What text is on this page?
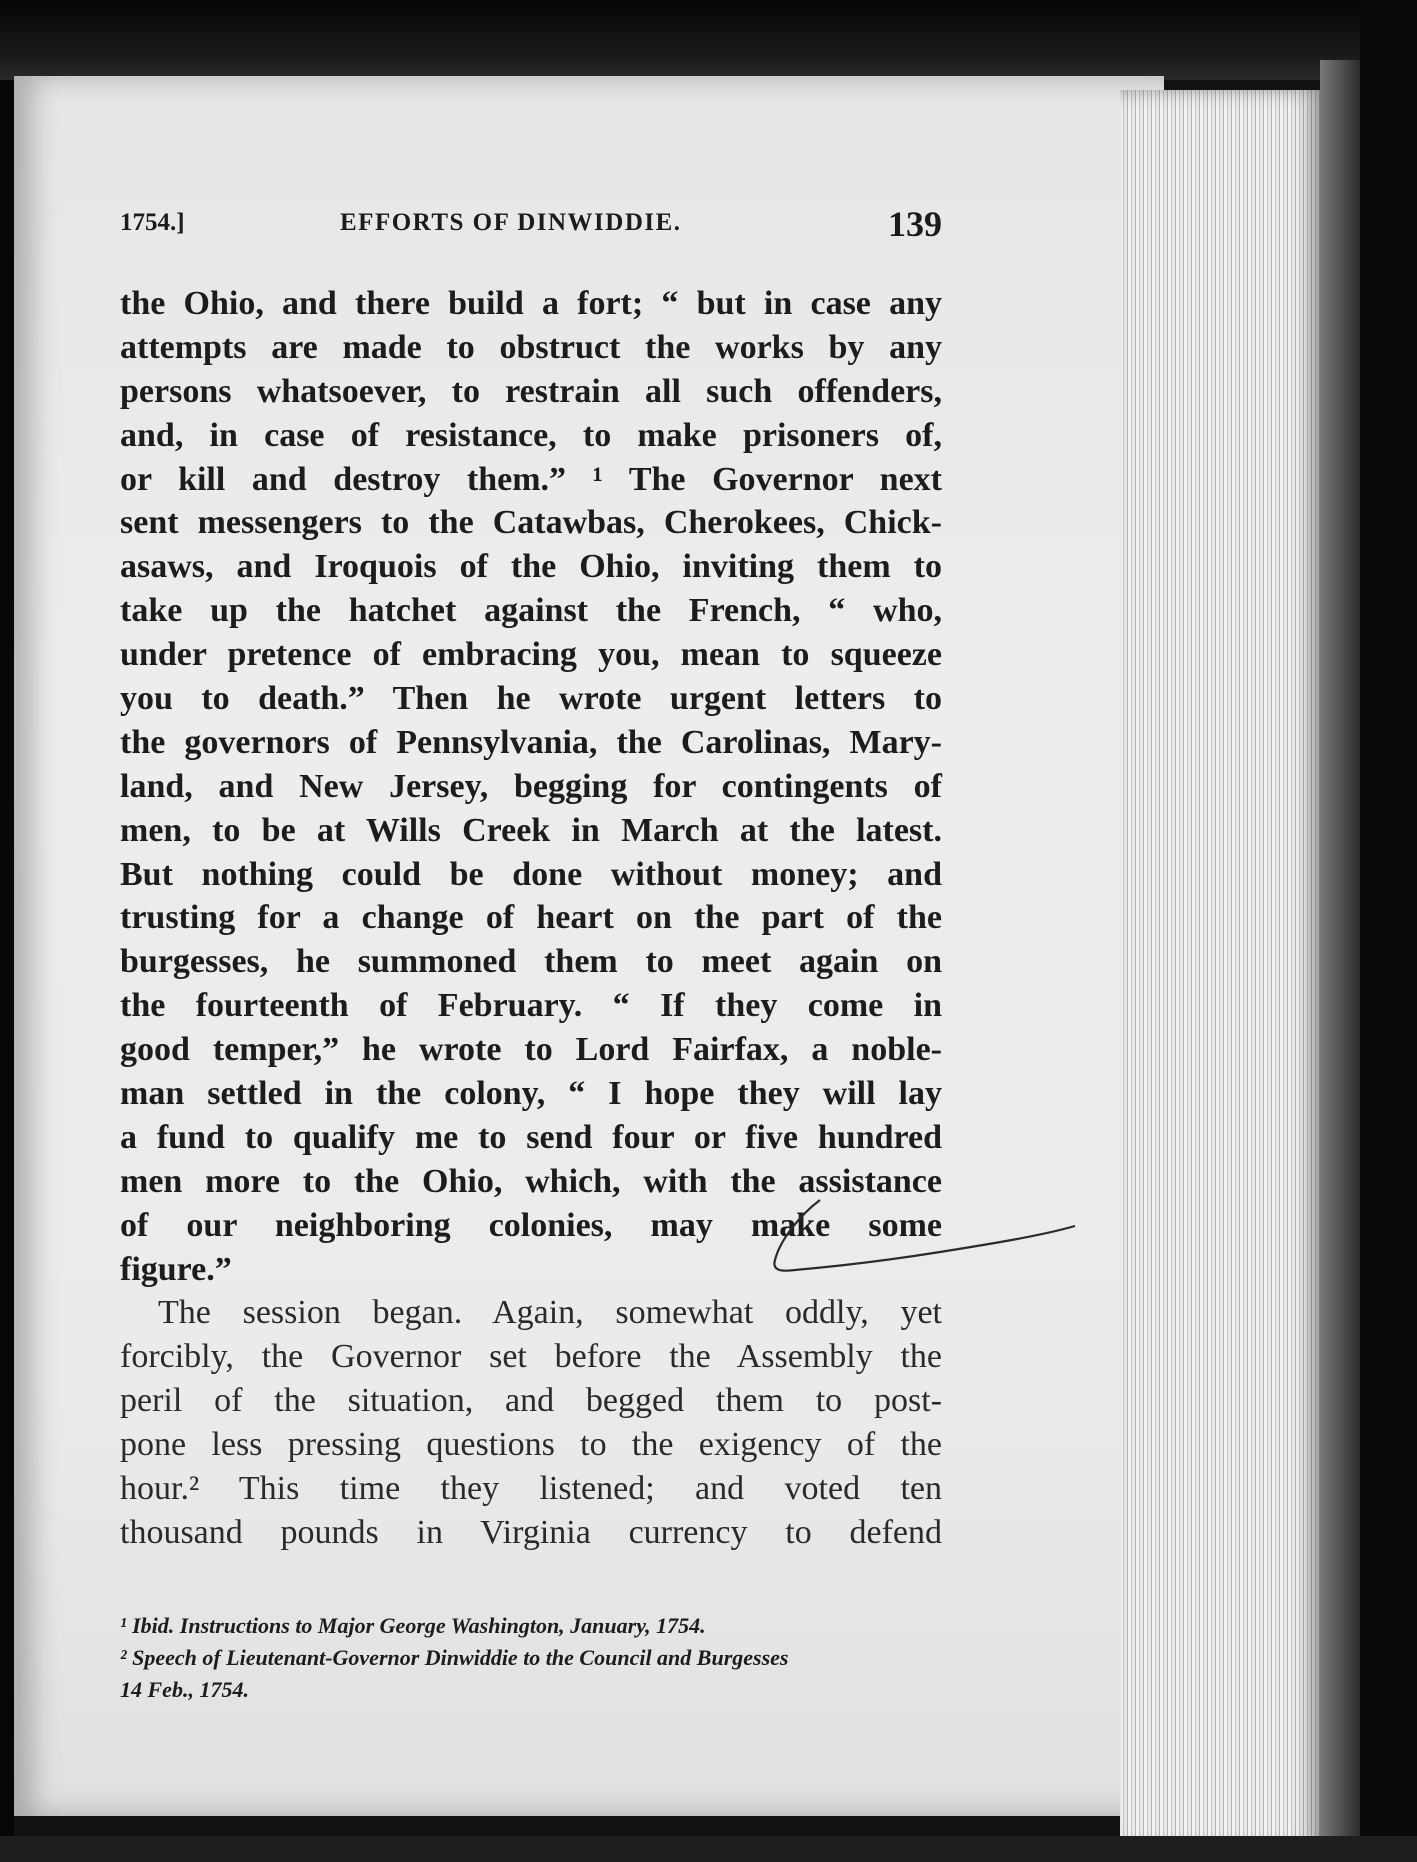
1754.]	EFFORTS OF DINWIDDIE.	139
the Ohio, and there build a fort; “ but in case any
attempts are made to obstruct the works by any
persons whatsoever, to restrain all such offenders,
and, in case of resistance, to make prisoners of,
or kill and destroy them.” ¹ The Governor next
sent messengers to the Catawbas, Cherokees, Chick-
asaws, and Iroquois of the Ohio, inviting them to
take up the hatchet against the French, “ who,
under pretence of embracing you, mean to squeeze
you to death.” Then he wrote urgent letters to
the governors of Pennsylvania, the Carolinas, Mary-
land, and New Jersey, begging for contingents of
men, to be at Wills Creek in March at the latest.
But nothing could be done without money; and
trusting for a change of heart on the part of the
burgesses, he summoned them to meet again on
the fourteenth of February. “ If they come in
good temper,” he wrote to Lord Fairfax, a noble-
man settled in the colony, “ I hope they will lay
a fund to qualify me to send four or five hundred
men more to the Ohio, which, with the assistance
of our neighboring colonies, may make some
figure.”
The session began. Again, somewhat oddly, yet
forcibly, the Governor set before the Assembly the
peril of the situation, and begged them to post-
pone less pressing questions to the exigency of the
hour.² This time they listened; and voted ten
thousand pounds in Virginia currency to defend
¹ Ibid. Instructions to Major George Washington, January, 1754.
² Speech of Lieutenant-Governor Dinwiddie to the Council and Burgesses
14 Feb., 1754.
